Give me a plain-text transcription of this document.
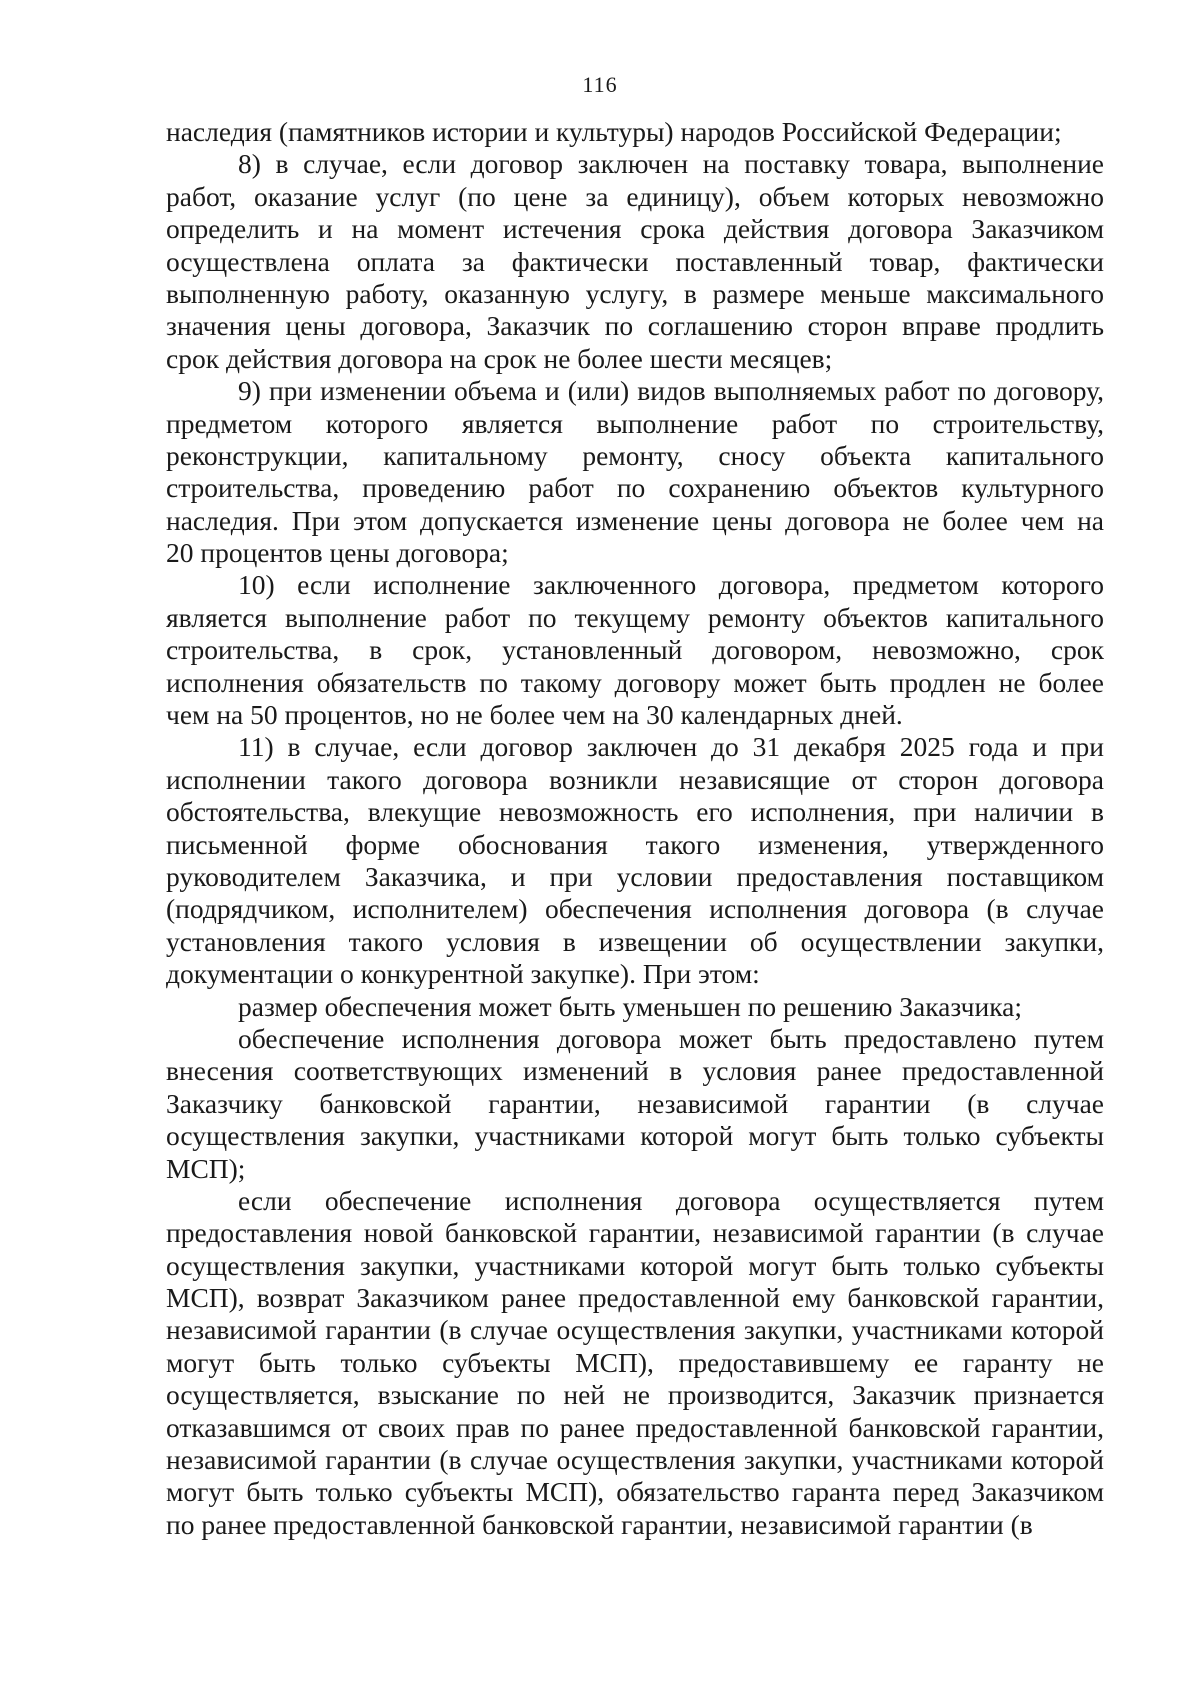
116
наследия (памятников истории и культуры) народов Российской Федерации;
8) в случае, если договор заключен на поставку товара, выполнение
работ, оказание услуг (по цене за единицу), объем которых невозможно
определить и на момент истечения срока действия договора Заказчиком
осуществлена оплата за фактически поставленный товар, фактически
выполненную работу, оказанную услугу, в размере меньше максимального
значения цены договора, Заказчик по соглашению сторон вправе продлить
срок действия договора на срок не более шести месяцев;
9) при изменении объема и (или) видов выполняемых работ по договору,
предметом которого является выполнение работ по строительству,
реконструкции, капитальному ремонту, сносу объекта капитального
строительства, проведению работ по сохранению объектов культурного
наследия. При этом допускается изменение цены договора не более чем на
20 процентов цены договора;
10) если исполнение заключенного договора, предметом которого
является выполнение работ по текущему ремонту объектов капитального
строительства, в срок, установленный договором, невозможно, срок
исполнения обязательств по такому договору может быть продлен не более
чем на 50 процентов, но не более чем на 30 календарных дней.
11) в случае, если договор заключен до 31 декабря 2025 года и при
исполнении такого договора возникли независящие от сторон договора
обстоятельства, влекущие невозможность его исполнения, при наличии в
письменной форме обоснования такого изменения, утвержденного
руководителем Заказчика, и при условии предоставления поставщиком
(подрядчиком, исполнителем) обеспечения исполнения договора (в случае
установления такого условия в извещении об осуществлении закупки,
документации о конкурентной закупке). При этом:
размер обеспечения может быть уменьшен по решению Заказчика;
обеспечение исполнения договора может быть предоставлено путем
внесения соответствующих изменений в условия ранее предоставленной
Заказчику банковской гарантии, независимой гарантии (в случае
осуществления закупки, участниками которой могут быть только субъекты
МСП);
если обеспечение исполнения договора осуществляется путем
предоставления новой банковской гарантии, независимой гарантии (в случае
осуществления закупки, участниками которой могут быть только субъекты
МСП), возврат Заказчиком ранее предоставленной ему банковской гарантии,
независимой гарантии (в случае осуществления закупки, участниками которой
могут быть только субъекты МСП), предоставившему ее гаранту не
осуществляется, взыскание по ней не производится, Заказчик признается
отказавшимся от своих прав по ранее предоставленной банковской гарантии,
независимой гарантии (в случае осуществления закупки, участниками которой
могут быть только субъекты МСП), обязательство гаранта перед Заказчиком
по ранее предоставленной банковской гарантии, независимой гарантии (в
